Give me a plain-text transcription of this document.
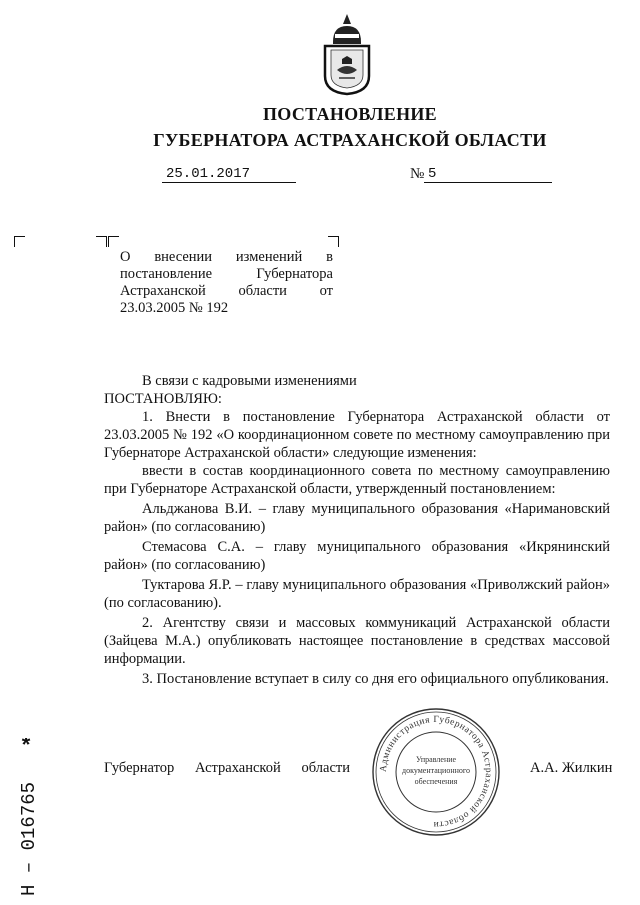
ПОСТАНОВЛЕНИЕ
ГУБЕРНАТОРА АСТРАХАНСКОЙ ОБЛАСТИ
25.01.2017	№ 5
О внесении изменений в постановление Губернатора Астраханской области от 23.03.2005 № 192

В связи с кадровыми изменениями

ПОСТАНОВЛЯЮ:

1. Внести в постановление Губернатора Астраханской области от 23.03.2005 № 192 «О координационном совете по местному самоуправлению при Губернаторе Астраханской области» следующие изменения:

ввести в состав координационного совета по местному самоуправлению при Губернаторе Астраханской области, утвержденный постановлением:

Альджанова В.И. – главу муниципального образования «Наримановский район» (по согласованию)

Стемасова С.А. – главу муниципального образования «Икрянинский район» (по согласованию)

Туктарова Я.Р. – главу муниципального образования «Приволжский район» (по согласованию).

2. Агентству связи и массовых коммуникаций Астраханской области (Зайцева М.А.) опубликовать настоящее постановление в средствах массовой информации.

3. Постановление вступает в силу со дня его официального опубликования.

Губернатор Астраханской области	А.А. Жилкин
Администрация Губернатора Астраханской области
Управление
документационного
обеспечения
*
Н – 016765
